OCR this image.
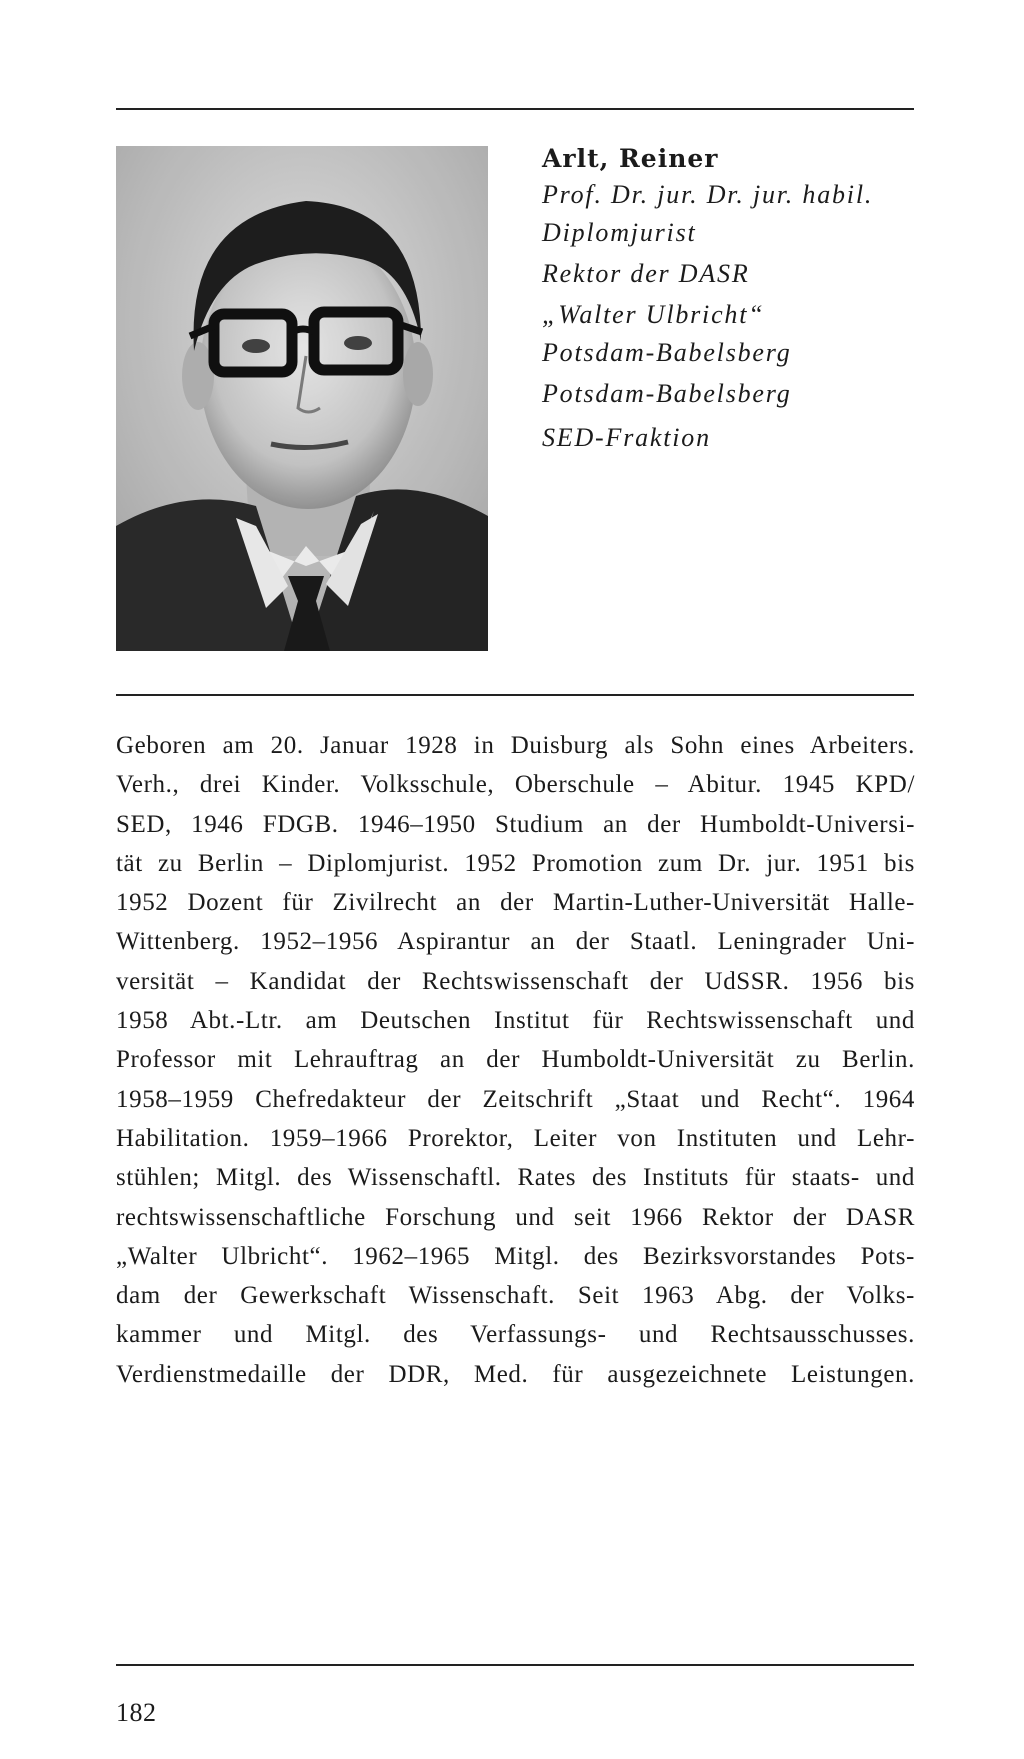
Arlt, Reiner

Prof. Dr. jur. Dr. jur. habil.

Diplomjurist

Rektor der DASR

„Walter Ulbricht“

Potsdam-Babelsberg

Potsdam-Babelsberg

SED-Fraktion

Geboren am 20. Januar 1928 in Duisburg als Sohn eines Arbeiters.
Verh., drei Kinder. Volksschule, Oberschule – Abitur. 1945 KPD/
SED, 1946 FDGB. 1946–1950 Studium an der Humboldt-Universi-
tät zu Berlin – Diplomjurist. 1952 Promotion zum Dr. jur. 1951 bis
1952 Dozent für Zivilrecht an der Martin-Luther-Universität Halle-
Wittenberg. 1952–1956 Aspirantur an der Staatl. Leningrader Uni-
versität – Kandidat der Rechtswissenschaft der UdSSR. 1956 bis
1958 Abt.-Ltr. am Deutschen Institut für Rechtswissenschaft und
Professor mit Lehrauftrag an der Humboldt-Universität zu Berlin.
1958–1959 Chefredakteur der Zeitschrift „Staat und Recht“. 1964
Habilitation. 1959–1966 Prorektor, Leiter von Instituten und Lehr-
stühlen; Mitgl. des Wissenschaftl. Rates des Instituts für staats- und
rechtswissenschaftliche Forschung und seit 1966 Rektor der DASR
„Walter Ulbricht“. 1962–1965 Mitgl. des Bezirksvorstandes Pots-
dam der Gewerkschaft Wissenschaft. Seit 1963 Abg. der Volks-
kammer und Mitgl. des Verfassungs- und Rechtsausschusses.
Verdienstmedaille der DDR, Med. für ausgezeichnete Leistungen.

182
